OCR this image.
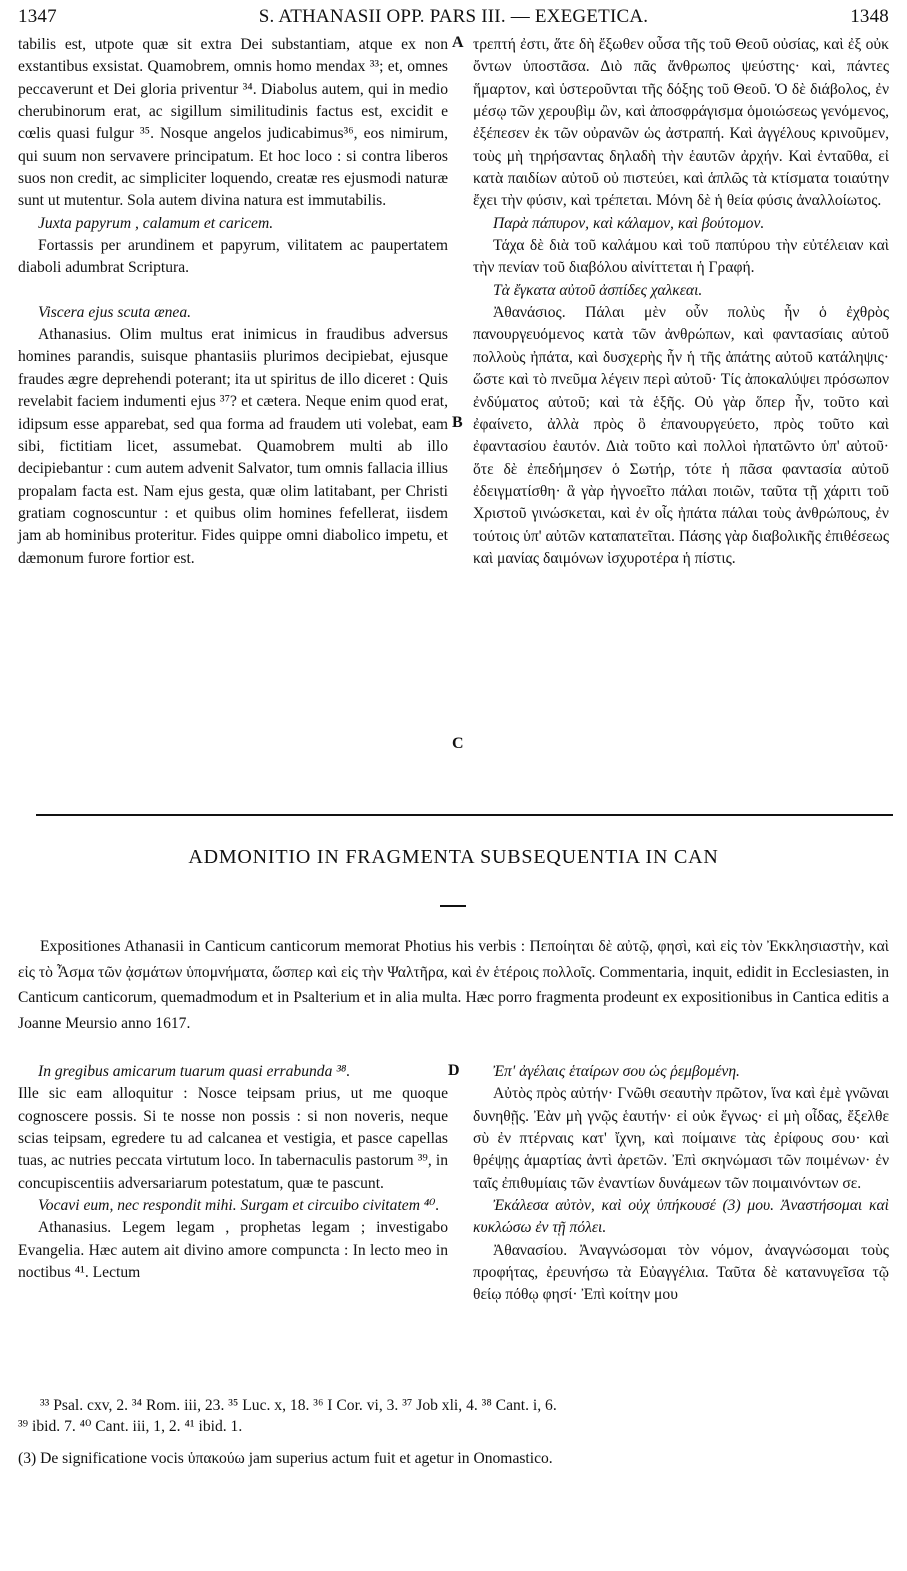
1347	S. ATHANASII OPP. PARS III. — EXEGETICA.	1348

tabilis est, utpote quæ sit extra Dei substantiam, atque ex non exstantibus exsistat. Quamobrem, omnis homo mendax ³³; et, omnes peccaverunt et Dei gloria priventur ³⁴. Diabolus autem, qui in medio cherubinorum erat, ac sigillum similitudinis factus est, excidit e cœlis quasi fulgur ³⁵. Nosque angelos judicabimus³⁶, eos nimirum, qui suum non servavere principatum. Et hoc loco : si contra liberos suos non credit, ac simpliciter loquendo, creatæ res ejusmodi naturæ sunt ut mutentur. Sola autem divina natura est immutabilis.

Juxta papyrum , calamum et caricem.

Fortassis per arundinem et papyrum, vilitatem ac paupertatem diaboli adumbrat Scriptura.

Viscera ejus scuta ænea.

Athanasius. Olim multus erat inimicus in fraudibus adversus homines parandis, suisque phantasiis plurimos decipiebat, ejusque fraudes ægre deprehendi poterant; ita ut spiritus de illo diceret : Quis revelabit faciem indumenti ejus ³⁷? et cætera. Neque enim quod erat, idipsum esse apparebat, sed qua forma ad fraudem uti volebat, eam sibi, fictitiam licet, assumebat. Quamobrem multi ab illo decipiebantur : cum autem advenit Salvator, tum omnis fallacia illius propalam facta est. Nam ejus gesta, quæ olim latitabant, per Christi gratiam cognoscuntur : et quibus olim homines fefellerat, iisdem jam ab hominibus proteritur. Fides quippe omni diabolico impetu, et dæmonum furore fortior est.

τρεπτή ἐστι, ἅτε δὴ ἔξωθεν οὖσα τῆς τοῦ Θεοῦ οὐσίας, καὶ ἐξ οὐκ ὄντων ὑποστᾶσα. Διὸ πᾶς ἄνθρωπος ψεύστης· καὶ, πάντες ἥμαρτον, καὶ ὑστεροῦνται τῆς δόξης τοῦ Θεοῦ. Ὁ δὲ διάβολος, ἐν μέσῳ τῶν χερουβὶμ ὢν, καὶ ἀποσφράγισμα ὁμοιώσεως γενόμενος, ἐξέπεσεν ἐκ τῶν οὐρανῶν ὡς ἀστραπή. Καὶ ἀγγέλους κρινοῦμεν, τοὺς μὴ τηρήσαντας δηλαδὴ τὴν ἑαυτῶν ἀρχήν. Καὶ ἐνταῦθα, εἰ κατὰ παιδίων αὐτοῦ οὐ πιστεύει, καὶ ἁπλῶς τὰ κτίσματα τοιαύτην ἔχει τὴν φύσιν, καὶ τρέπεται. Μόνη δὲ ἡ θεία φύσις ἀναλλοίωτος.

Παρὰ πάπυρον, καὶ κάλαμον, καὶ βούτομον.

Τάχα δὲ διὰ τοῦ καλάμου καὶ τοῦ παπύρου τὴν εὐτέλειαν καὶ τὴν πενίαν τοῦ διαβόλου αἰνίττεται ἡ Γραφή.

Τὰ ἔγκατα αὐτοῦ ἀσπίδες χαλκεαι.

Ἀθανάσιος. Πάλαι μὲν οὖν πολὺς ἦν ὁ ἐχθρὸς πανουργευόμενος κατὰ τῶν ἀνθρώπων, καὶ φαντασίαις αὐτοῦ πολλοὺς ἠπάτα, καὶ δυσχερὴς ἦν ἡ τῆς ἀπάτης αὐτοῦ κατάληψις· ὥστε καὶ τὸ πνεῦμα λέγειν περὶ αὐτοῦ· Τίς ἀποκαλύψει πρόσωπον ἐνδύματος αὐτοῦ; καὶ τὰ ἑξῆς. Οὐ γὰρ ὅπερ ἦν, τοῦτο καὶ ἐφαίνετο, ἀλλὰ πρὸς ὃ ἐπανουργεύετο, πρὸς τοῦτο καὶ ἐφαντασίου ἑαυτόν. Διὰ τοῦτο καὶ πολλοὶ ἠπατῶντο ὑπ' αὐτοῦ· ὅτε δὲ ἐπεδήμησεν ὁ Σωτήρ, τότε ἡ πᾶσα φαντασία αὐτοῦ ἐδειγματίσθη· ἃ γὰρ ἠγνοεῖτο πάλαι ποιῶν, ταῦτα τῇ χάριτι τοῦ Χριστοῦ γινώσκεται, καὶ ἐν οἷς ἠπάτα πάλαι τοὺς ἀνθρώπους, ἐν τούτοις ὑπ' αὐτῶν καταπατεῖται. Πάσης γὰρ διαβολικῆς ἐπιθέσεως καὶ μανίας δαιμόνων ἰσχυροτέρα ἡ πίστις.

A
B
C
D
ADMONITIO IN FRAGMENTA SUBSEQUENTIA IN CAN
Expositiones Athanasii in Canticum canticorum memorat Photius his verbis : Πεποίηται δὲ αὐτῷ, φησὶ, καὶ εἰς τὸν Ἐκκλησιαστὴν, καὶ εἰς τὸ Ἆσμα τῶν ᾀσμάτων ὑπομνήματα, ὥσπερ καὶ εἰς τὴν Ψαλτῆρα, καὶ ἐν ἑτέροις πολλοῖς. Commentaria, inquit, edidit in Ecclesiasten, in Canticum canticorum, quemadmodum et in Psalterium et in alia multa. Hæc porro fragmenta prodeunt ex expositionibus in Cantica editis a Joanne Meursio anno 1617.

In gregibus amicarum tuarum quasi errabunda ³⁸.

Ille sic eam alloquitur : Nosce teipsam prius, ut me quoque cognoscere possis. Si te nosse non possis : si non noveris, neque scias teipsam, egredere tu ad calcanea et vestigia, et pasce capellas tuas, ac nutries peccata virtutum loco. In tabernaculis pastorum ³⁹, in concupiscentiis adversariarum potestatum, quæ te pascunt.

Vocavi eum, nec respondit mihi. Surgam et circuibo civitatem ⁴⁰.

Athanasius. Legem legam , prophetas legam ; investigabo Evangelia. Hæc autem ait divino amore compuncta : In lecto meo in noctibus ⁴¹. Lectum

Ἐπ' ἀγέλαις ἑταίρων σου ὡς ῥεμβομένη.

Αὐτὸς πρὸς αὐτήν· Γνῶθι σεαυτὴν πρῶτον, ἵνα καὶ ἐμὲ γνῶναι δυνηθῇς. Ἐὰν μὴ γνῷς ἑαυτήν· εἰ οὐκ ἔγνως· εἰ μὴ οἶδας, ἔξελθε σὺ ἐν πτέρναις κατ' ἴχνη, καὶ ποίμαινε τὰς ἐρίφους σου· καὶ θρέψῃς ἁμαρτίας ἀντὶ ἀρετῶν. Ἐπὶ σκηνώμασι τῶν ποιμένων· ἐν ταῖς ἐπιθυμίαις τῶν ἐναντίων δυνάμεων τῶν ποιμαινόντων σε.

Ἐκάλεσα αὐτὸν, καὶ οὐχ ὑπήκουσέ (3) μου. Ἀναστήσομαι καὶ κυκλώσω ἐν τῇ πόλει.

Ἀθανασίου. Ἀναγνώσομαι τὸν νόμον, ἀναγνώσομαι τοὺς προφήτας, ἐρευνήσω τὰ Εὐαγγέλια. Ταῦτα δὲ κατανυγεῖσα τῷ θείῳ πόθῳ φησί· Ἐπὶ κοίτην μου

³³ Psal. cxv, 2. ³⁴ Rom. iii, 23. ³⁵ Luc. x, 18. ³⁶ I Cor. vi, 3. ³⁷ Job xli, 4. ³⁸ Cant. i, 6.
³⁹ ibid. 7. ⁴⁰ Cant. iii, 1, 2. ⁴¹ ibid. 1.
(3) De significatione vocis ὑπακούω jam superius actum fuit et agetur in Onomastico.
